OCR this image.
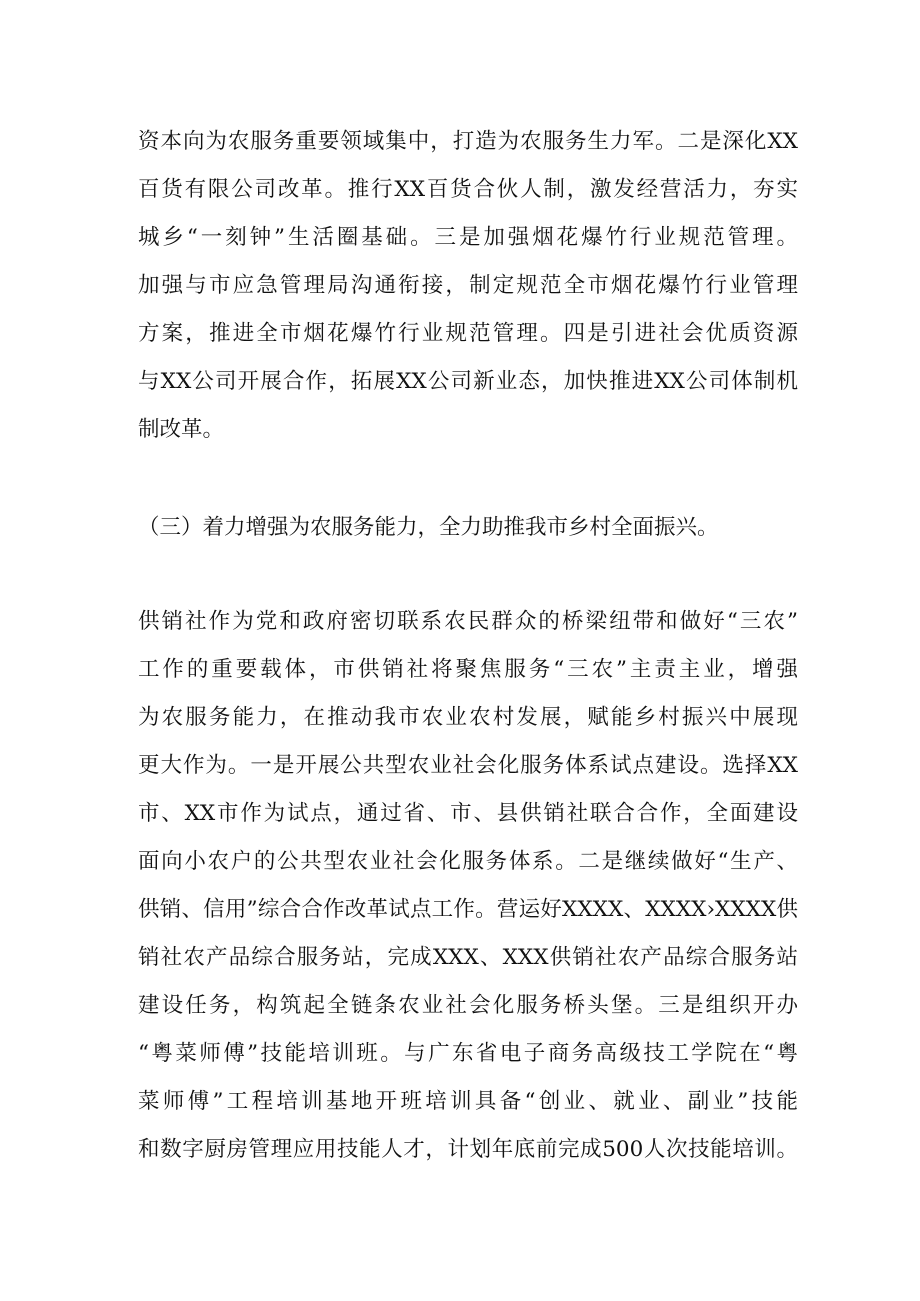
资本向为农服务重要领域集中，打造为农服务生力军。二是深化XX
百货有限公司改革。推行XX百货合伙人制，激发经营活力，夯实
城乡“一刻钟”生活圈基础。三是加强烟花爆竹行业规范管理。
加强与市应急管理局沟通衔接，制定规范全市烟花爆竹行业管理
方案，推进全市烟花爆竹行业规范管理。四是引进社会优质资源
与XX公司开展合作，拓展XX公司新业态，加快推进XX公司体制机
制改革。
（三）着力增强为农服务能力，全力助推我市乡村全面振兴。
供销社作为党和政府密切联系农民群众的桥梁纽带和做好“三农”
工作的重要载体，市供销社将聚焦服务“三农”主责主业，增强
为农服务能力，在推动我市农业农村发展，赋能乡村振兴中展现
更大作为。一是开展公共型农业社会化服务体系试点建设。选择XX
市、XX市作为试点，通过省、市、县供销社联合合作，全面建设
面向小农户的公共型农业社会化服务体系。二是继续做好“生产、
供销、信用”综合合作改革试点工作。营运好XXXX、XXXX›XXXX供
销社农产品综合服务站，完成XXX、XXX供销社农产品综合服务站
建设任务，构筑起全链条农业社会化服务桥头堡。三是组织开办
“粤菜师傅”技能培训班。与广东省电子商务高级技工学院在“粤
菜师傅”工程培训基地开班培训具备“创业、就业、副业”技能
和数字厨房管理应用技能人才，计划年底前完成500人次技能培训。
